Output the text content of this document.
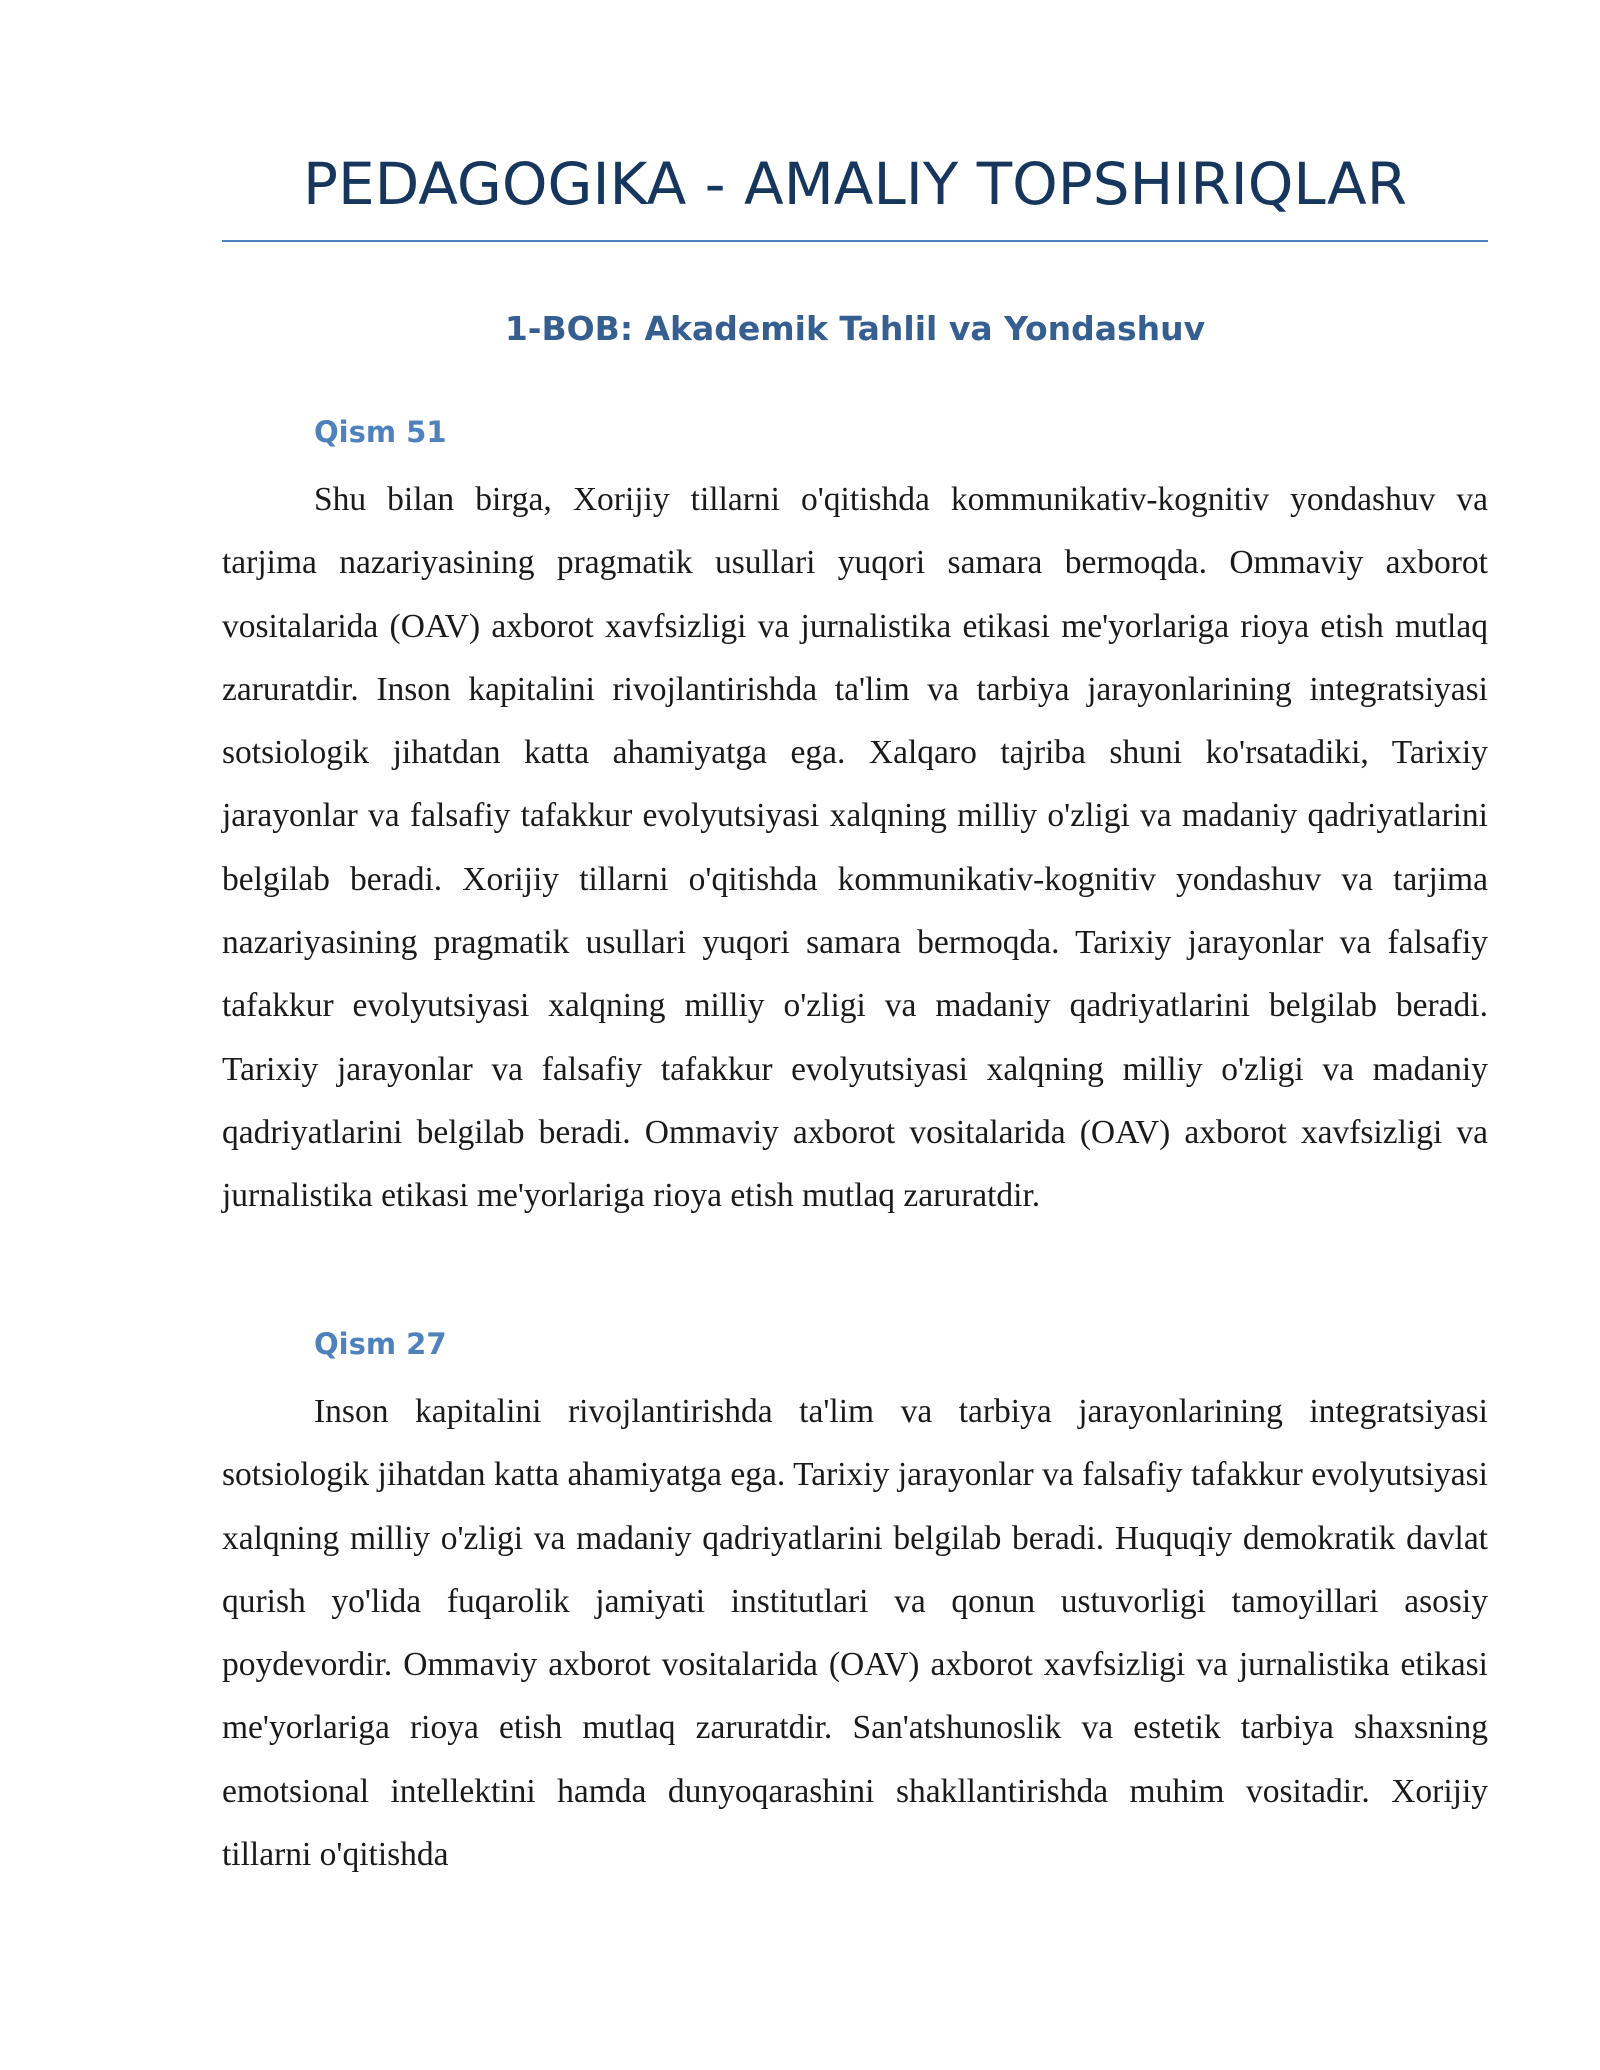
PEDAGOGIKA - AMALIY TOPSHIRIQLAR
1-BOB: Akademik Tahlil va Yondashuv
Qism 51

Shu bilan birga, Xorijiy tillarni o'qitishda kommunikativ-kognitiv yondashuv va tarjima nazariyasining pragmatik usullari yuqori samara bermoqda. Ommaviy axborot vositalarida (OAV) axborot xavfsizligi va jurnalistika etikasi me'yorlariga rioya etish mutlaq zaruratdir. Inson kapitalini rivojlantirishda ta'lim va tarbiya jarayonlarining integratsiyasi sotsiologik jihatdan katta ahamiyatga ega. Xalqaro tajriba shuni ko'rsatadiki, Tarixiy jarayonlar va falsafiy tafakkur evolyutsiyasi xalqning milliy o'zligi va madaniy qadriyatlarini belgilab beradi. Xorijiy tillarni o'qitishda kommunikativ-kognitiv yondashuv va tarjima nazariyasining pragmatik usullari yuqori samara bermoqda. Tarixiy jarayonlar va falsafiy tafakkur evolyutsiyasi xalqning milliy o'zligi va madaniy qadriyatlarini belgilab beradi. Tarixiy jarayonlar va falsafiy tafakkur evolyutsiyasi xalqning milliy o'zligi va madaniy qadriyatlarini belgilab beradi. Ommaviy axborot vositalarida (OAV) axborot xavfsizligi va jurnalistika etikasi me'yorlariga rioya etish mutlaq zaruratdir.

Qism 27

Inson kapitalini rivojlantirishda ta'lim va tarbiya jarayonlarining integratsiyasi sotsiologik jihatdan katta ahamiyatga ega. Tarixiy jarayonlar va falsafiy tafakkur evolyutsiyasi xalqning milliy o'zligi va madaniy qadriyatlarini belgilab beradi. Huquqiy demokratik davlat qurish yo'lida fuqarolik jamiyati institutlari va qonun ustuvorligi tamoyillari asosiy poydevordir. Ommaviy axborot vositalarida (OAV) axborot xavfsizligi va jurnalistika etikasi me'yorlariga rioya etish mutlaq zaruratdir. San'atshunoslik va estetik tarbiya shaxsning emotsional intellektini hamda dunyoqarashini shakllantirishda muhim vositadir. Xorijiy tillarni o'qitishda
